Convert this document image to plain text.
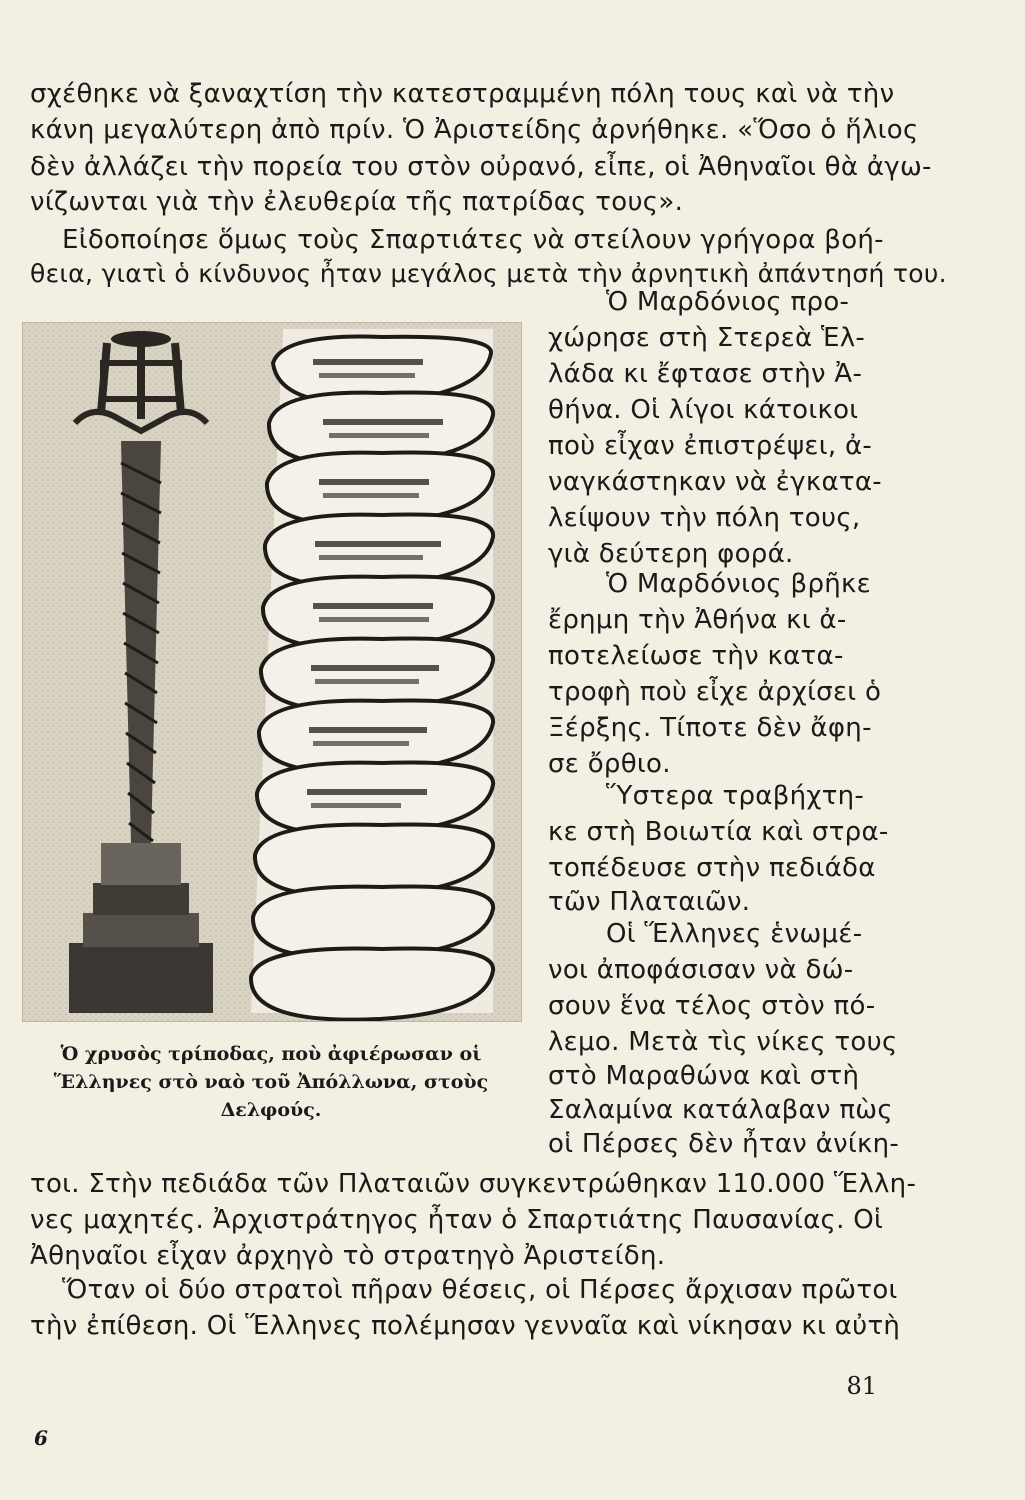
σχέθηκε νὰ ξαναχτίση τὴν κατεστραμμένη πόλη τους καὶ νὰ τὴν
κάνη μεγαλύτερη ἀπὸ πρίν. Ὁ Ἀριστείδης ἀρνήθηκε. «Ὅσο ὁ ἥλιος
δὲν ἀλλάζει τὴν πορεία του στὸν οὐρανό, εἶπε, οἱ Ἀθηναῖοι θὰ ἀγω-
νίζωνται γιὰ τὴν ἐλευθερία τῆς πατρίδας τους».
Εἰδοποίησε ὅμως τοὺς Σπαρτιάτες νὰ στείλουν γρήγορα βοή-
θεια, γιατὶ ὁ κίνδυνος ἦταν μεγάλος μετὰ τὴν ἀρνητικὴ ἀπάντησή του.
Ὁ χρυσὸς τρίποδας, ποὺ ἀφιέρωσαν οἱ
Ἕλληνες στὸ ναὸ τοῦ Ἀπόλλωνα, στοὺς
Δελφούς.
Ὁ Μαρδόνιος προ-
χώρησε στὴ Στερεὰ Ἑλ-
λάδα κι ἔφτασε στὴν Ἀ-
θήνα. Οἱ λίγοι κάτοικοι
ποὺ εἶχαν ἐπιστρέψει, ἀ-
ναγκάστηκαν νὰ ἐγκατα-
λείψουν τὴν πόλη τους,
γιὰ δεύτερη φορά.
Ὁ Μαρδόνιος βρῆκε
ἔρημη τὴν Ἀθήνα κι ἀ-
ποτελείωσε τὴν κατα-
τροφὴ ποὺ εἶχε ἀρχίσει ὁ
Ξέρξης. Τίποτε δὲν ἄφη-
σε ὄρθιο.
Ὕστερα τραβήχτη-
κε στὴ Βοιωτία καὶ στρα-
τοπέδευσε στὴν πεδιάδα
τῶν Πλαταιῶν.
Οἱ Ἕλληνες ἑνωμέ-
νοι ἀποφάσισαν νὰ δώ-
σουν ἕνα τέλος στὸν πό-
λεμο. Μετὰ τὶς νίκες τους
στὸ Μαραθώνα καὶ στὴ
Σαλαμίνα κατάλαβαν πὼς
οἱ Πέρσες δὲν ἦταν ἀνίκη-
τοι. Στὴν πεδιάδα τῶν Πλαταιῶν συγκεντρώθηκαν 110.000 Ἕλλη-
νες μαχητές. Ἀρχιστράτηγος ἦταν ὁ Σπαρτιάτης Παυσανίας. Οἱ
Ἀθηναῖοι εἶχαν ἀρχηγὸ τὸ στρατηγὸ Ἀριστείδη.
Ὅταν οἱ δύο στρατοὶ πῆραν θέσεις, οἱ Πέρσες ἄρχισαν πρῶτοι
τὴν ἐπίθεση. Οἱ Ἕλληνες πολέμησαν γενναῖα καὶ νίκησαν κι αὐτὴ
81
6
